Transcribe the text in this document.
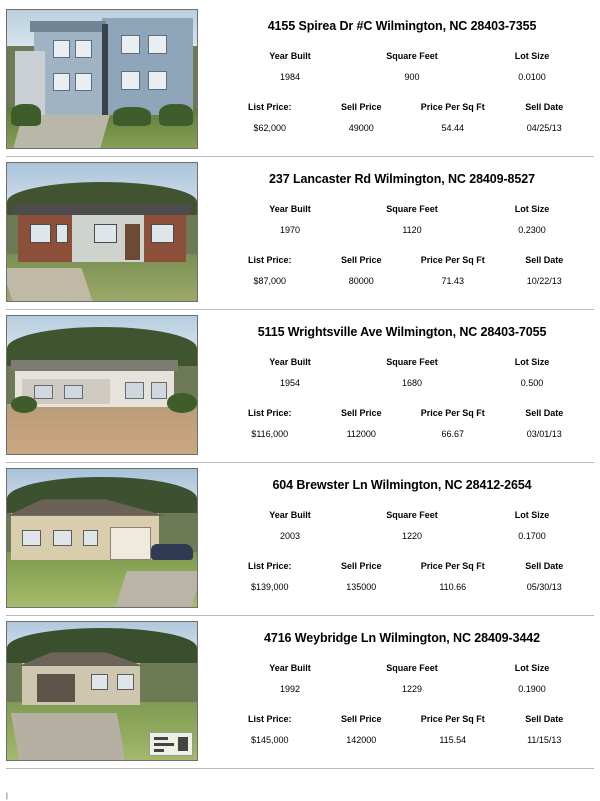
4155 Spirea Dr #C Wilmington, NC 28403-7355
Year Built
1984
Square Feet
900
Lot Size
0.0100
List Price:
$62,000
Sell Price
49000
Price Per Sq Ft
54.44
Sell Date
04/25/13
237 Lancaster Rd Wilmington, NC 28409-8527
Year Built
1970
Square Feet
1120
Lot Size
0.2300
List Price:
$87,000
Sell Price
80000
Price Per Sq Ft
71.43
Sell Date
10/22/13
5115 Wrightsville Ave Wilmington, NC 28403-7055
Year Built
1954
Square Feet
1680
Lot Size
0.500
List Price:
$116,000
Sell Price
112000
Price Per Sq Ft
66.67
Sell Date
03/01/13
604 Brewster Ln Wilmington, NC 28412-2654
Year Built
2003
Square Feet
1220
Lot Size
0.1700
List Price:
$139,000
Sell Price
135000
Price Per Sq Ft
110.66
Sell Date
05/30/13
4716 Weybridge Ln Wilmington, NC 28409-3442
Year Built
1992
Square Feet
1229
Lot Size
0.1900
List Price:
$145,000
Sell Price
142000
Price Per Sq Ft
115.54
Sell Date
11/15/13
|
